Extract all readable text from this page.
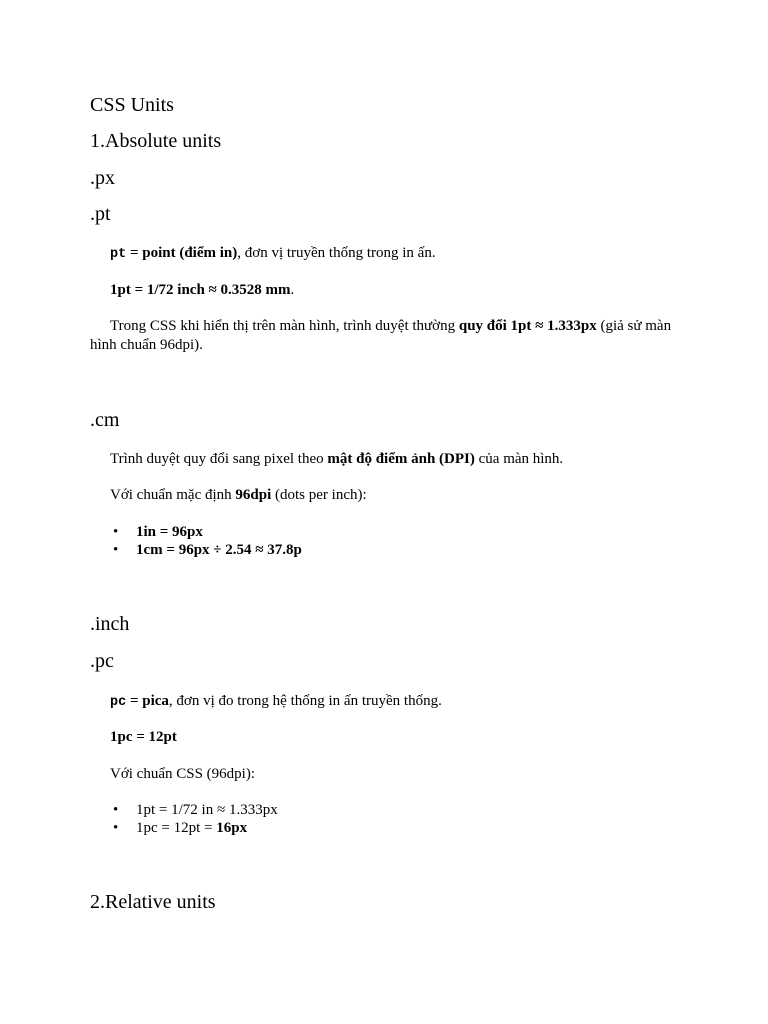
CSS Units
1.Absolute units
.px
.pt
pt = point (điểm in), đơn vị truyền thống trong in ấn.
1pt = 1/72 inch ≈ 0.3528 mm.
Trong CSS khi hiển thị trên màn hình, trình duyệt thường quy đổi 1pt ≈ 1.333px (giả sử màn hình chuẩn 96dpi).
.cm
Trình duyệt quy đổi sang pixel theo mật độ điểm ảnh (DPI) của màn hình.
Với chuẩn mặc định 96dpi (dots per inch):
• 1in = 96px
• 1cm = 96px ÷ 2.54 ≈ 37.8p
.inch
.pc
pc = pica, đơn vị đo trong hệ thống in ấn truyền thống.
1pc = 12pt
Với chuẩn CSS (96dpi):
• 1pt = 1/72 in ≈ 1.333px
• 1pc = 12pt = 16px
2.Relative units
